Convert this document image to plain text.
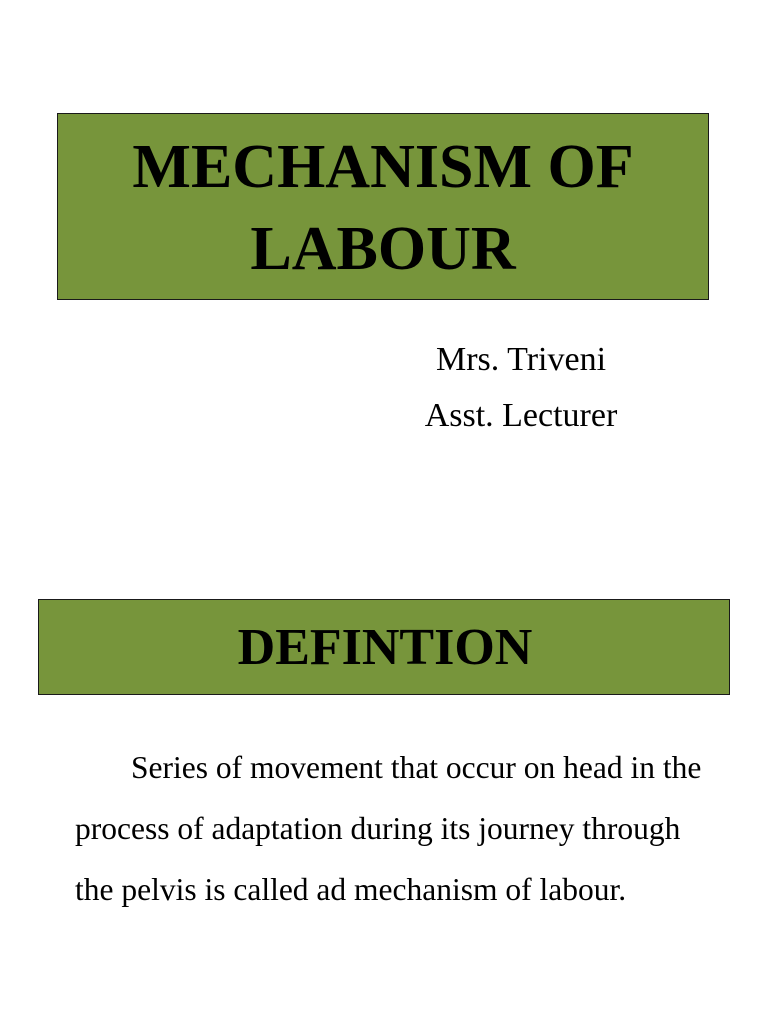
MECHANISM OF
LABOUR
Mrs. Triveni
Asst. Lecturer
DEFINTION

Series of movement that occur on head in the process of adaptation during its journey through the pelvis is called ad mechanism of labour.
